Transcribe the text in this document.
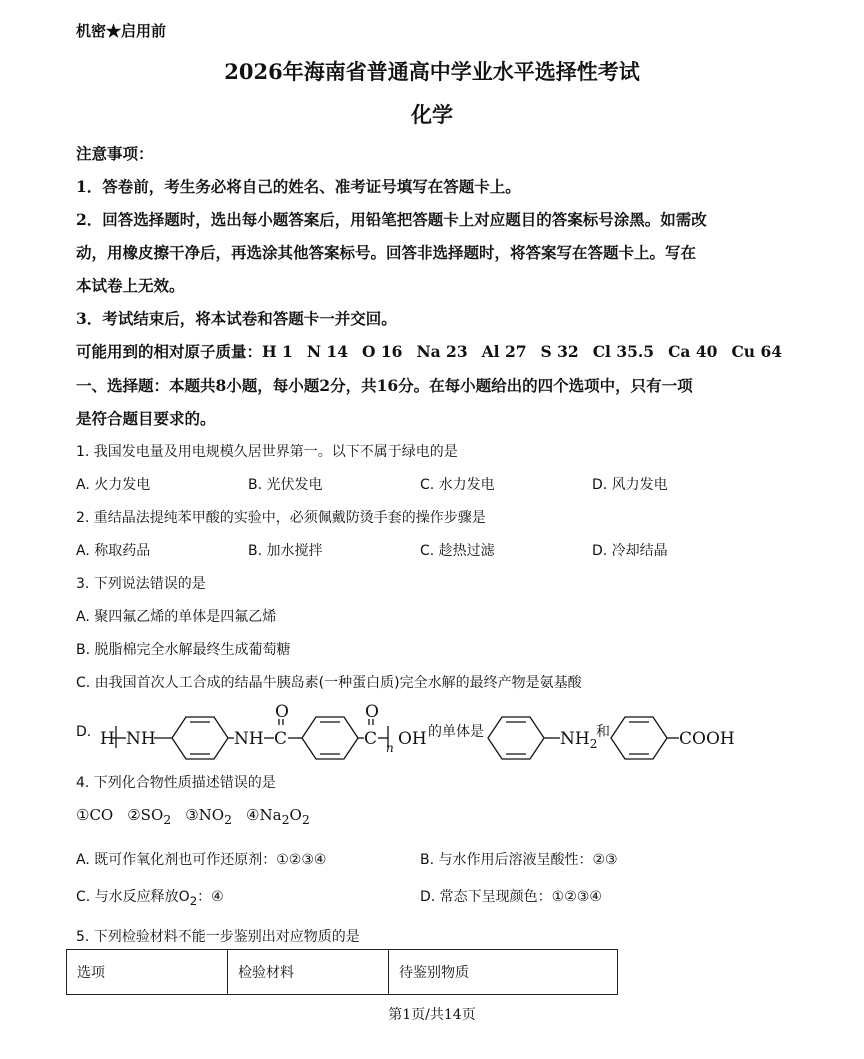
机密★启用前
2026年海南省普通高中学业水平选择性考试
化学
注意事项：
1．答卷前，考生务必将自己的姓名、准考证号填写在答题卡上。
2．回答选择题时，选出每小题答案后，用铅笔把答题卡上对应题目的答案标号涂黑。如需改
动，用橡皮擦干净后，再选涂其他答案标号。回答非选择题时，将答案写在答题卡上。写在
本试卷上无效。
3．考试结束后，将本试卷和答题卡一并交回。
可能用到的相对原子质量：H 1 N 14 O 16 Na 23 Al 27 S 32 Cl 35.5 Ca 40 Cu 64
一、选择题：本题共8小题，每小题2分，共16分。在每小题给出的四个选项中，只有一项
是符合题目要求的。
1. 我国发电量及用电规模久居世界第一。以下不属于绿电的是
A. 火力发电	B. 光伏发电	C. 水力发电	D. 风力发电
2. 重结晶法提纯苯甲酸的实验中，必须佩戴防烫手套的操作步骤是
A. 称取药品	B. 加水搅拌	C. 趁热过滤	D. 冷却结晶
3. 下列说法错误的是
A. 聚四氟乙烯的单体是四氟乙烯
B. 脱脂棉完全水解最终生成葡萄糖
C. 由我国首次人工合成的结晶牛胰岛素(一种蛋白质)完全水解的最终产物是氨基酸
D. H NH	NH C
O
C
O
n OH 的单体是	$NH_2$
和	COOH
4. 下列化合物性质描述错误的是
①CO $②SO_2$ $③NO_2$ $④Na_2O_2$
A. 既可作氧化剂也可作还原剂：①②③④	B. 与水作用后溶液呈酸性：②③
C. 与水反应释放$O_2$：④	D. 常态下呈现颜色：①②③④
5. 下列检验材料不能一步鉴别出对应物质的是
选项	检验材料	待鉴别物质
第1页/共14页
